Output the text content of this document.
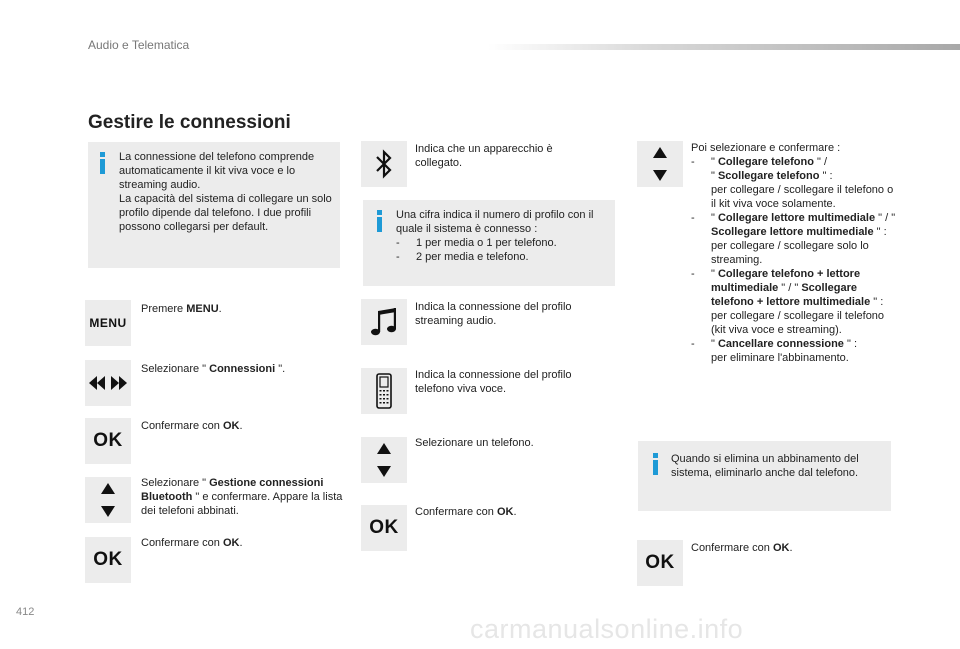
Audio e Telematica
Gestire le connessioni
La connessione del telefono comprende automaticamente il kit viva voce e lo streaming audio.
La capacità del sistema di collegare un solo profilo dipende dal telefono. I due profili possono collegarsi per default.
MENU
Premere MENU.
Selezionare " Connessioni ".
OK
Confermare con OK.
Selezionare " Gestione connessioni Bluetooth " e confermare. Appare la lista dei telefoni abbinati.
OK
Confermare con OK.
Indica che un apparecchio è collegato.
Una cifra indica il numero di profilo con il quale il sistema è connesso :
-	1 per media o 1 per telefono.
-	2 per media e telefono.
Indica la connessione del profilo streaming audio.
Indica la connessione del profilo telefono viva voce.
Selezionare un telefono.
OK
Confermare con OK.
Poi selezionare e confermare :
-	" Collegare telefono " /
" Scollegare telefono " :
per collegare / scollegare il telefono o il kit viva voce solamente.
-	" Collegare lettore multimediale " / " Scollegare lettore multimediale " :
per collegare / scollegare solo lo streaming.
-	" Collegare telefono + lettore multimediale " / " Scollegare telefono + lettore multimediale " :
per collegare / scollegare il telefono (kit viva voce e streaming).
-	" Cancellare connessione " :
per eliminare l'abbinamento.
Quando si elimina un abbinamento del sistema, eliminarlo anche dal telefono.
OK
Confermare con OK.
412
carmanualsonline.info
